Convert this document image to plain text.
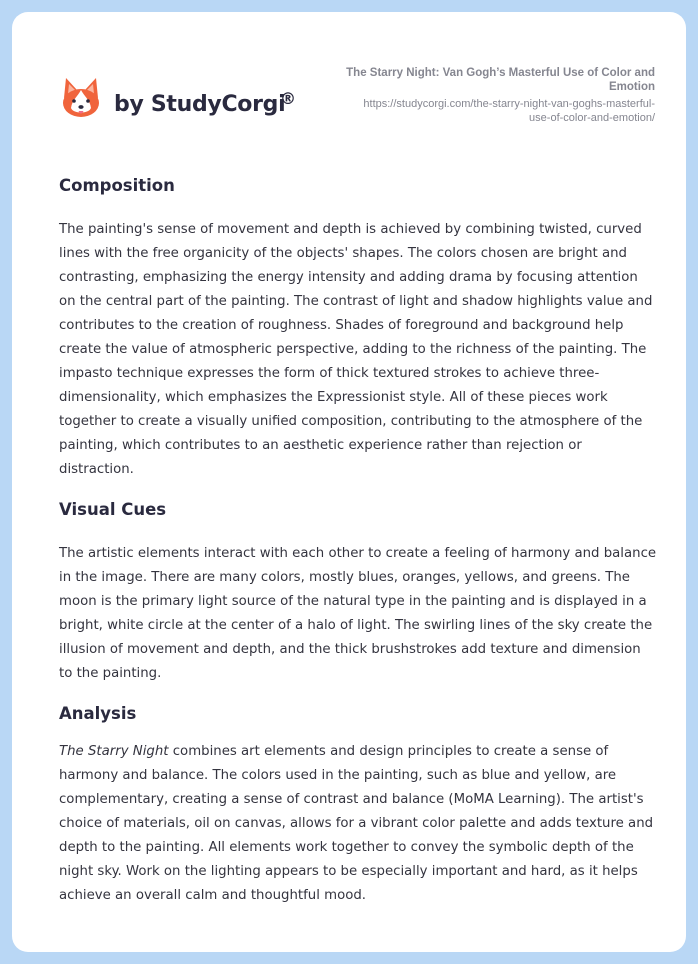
by StudyCorgi
®
The Starry Night: Van Gogh’s Masterful Use of Color and
Emotion
https://studycorgi.com/the-starry-night-van-goghs-masterful-
use-of-color-and-emotion/
Composition

The painting's sense of movement and depth is achieved by combining twisted, curved lines with the free organicity of the objects' shapes. The colors chosen are bright and contrasting, emphasizing the energy intensity and adding drama by focusing attention on the central part of the painting. The contrast of light and shadow highlights value and contributes to the creation of roughness. Shades of foreground and background help create the value of atmospheric perspective, adding to the richness of the painting. The impasto technique expresses the form of thick textured strokes to achieve three-dimensionality, which emphasizes the Expressionist style. All of these pieces work together to create a visually unified composition, contributing to the atmosphere of the painting, which contributes to an aesthetic experience rather than rejection or distraction.

Visual Cues

The artistic elements interact with each other to create a feeling of harmony and balance in the image. There are many colors, mostly blues, oranges, yellows, and greens. The moon is the primary light source of the natural type in the painting and is displayed in a bright, white circle at the center of a halo of light. The swirling lines of the sky create the illusion of movement and depth, and the thick brushstrokes add texture and dimension to the painting.

Analysis

The Starry Night combines art elements and design principles to create a sense of harmony and balance. The colors used in the painting, such as blue and yellow, are complementary, creating a sense of contrast and balance (MoMA Learning). The artist's choice of materials, oil on canvas, allows for a vibrant color palette and adds texture and depth to the painting. All elements work together to convey the symbolic depth of the night sky. Work on the lighting appears to be especially important and hard, as it helps achieve an overall calm and thoughtful mood.
